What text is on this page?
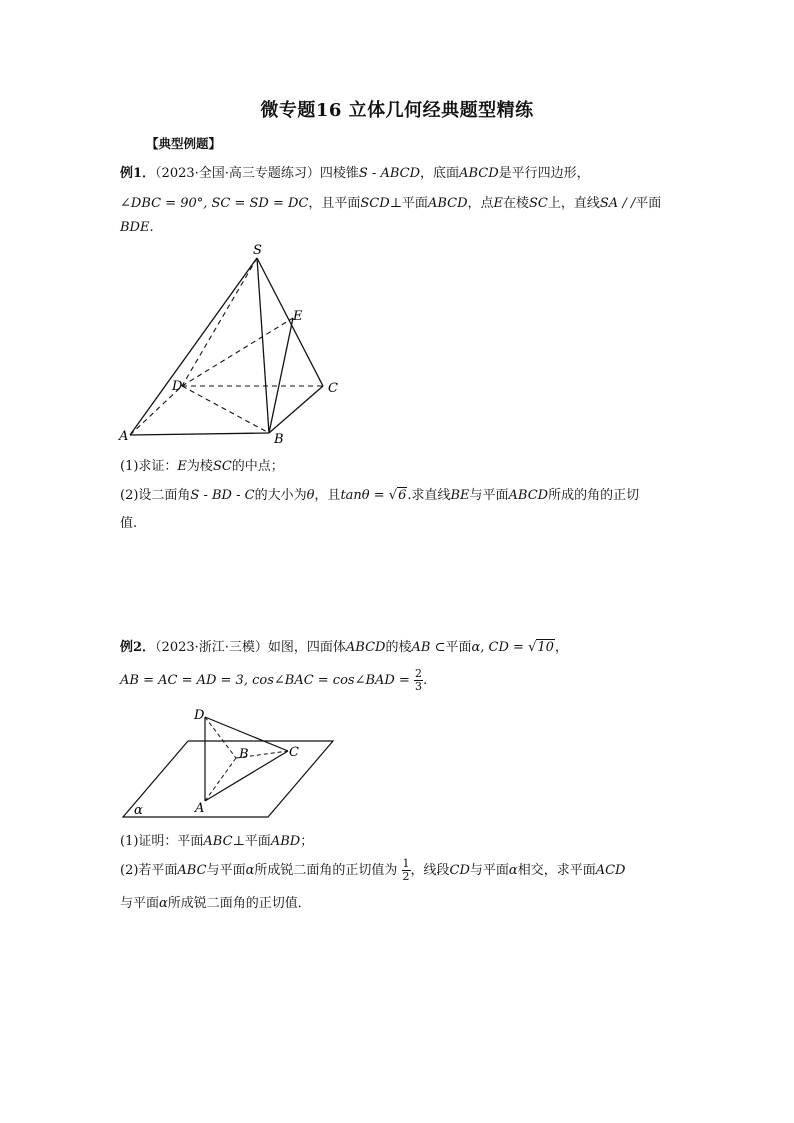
微专题16 立体几何经典题型精练
【典型例题】
例1．（2023·全国·高三专题练习）四棱锥S - ABCD，底面ABCD是平行四边形，
∠DBC = 90°, SC = SD = DC，且平面SCD⊥平面ABCD，点E在棱SC上，直线SA / /平面
BDE.
S
E
D	C
A	B
(1)求证：E为棱SC的中点；
(2)设二面角S - BD - C的大小为θ，且tanθ = √6.求直线BE与平面ABCD所成的角的正切
值.
例2．（2023·浙江·三模）如图，四面体ABCD的棱AB ⊂平面α, CD = √10，
AB = AC = AD = 3, cos∠BAC = cos∠BAD = $\frac{2}{3}$ .
D
B	C
A
α
(1)证明：平面ABC⊥平面ABD；
(2)若平面ABC与平面α所成锐二面角的正切值为 $\frac{1}{2}$ ，线段CD与平面α相交，求平面ACD
与平面α所成锐二面角的正切值．
